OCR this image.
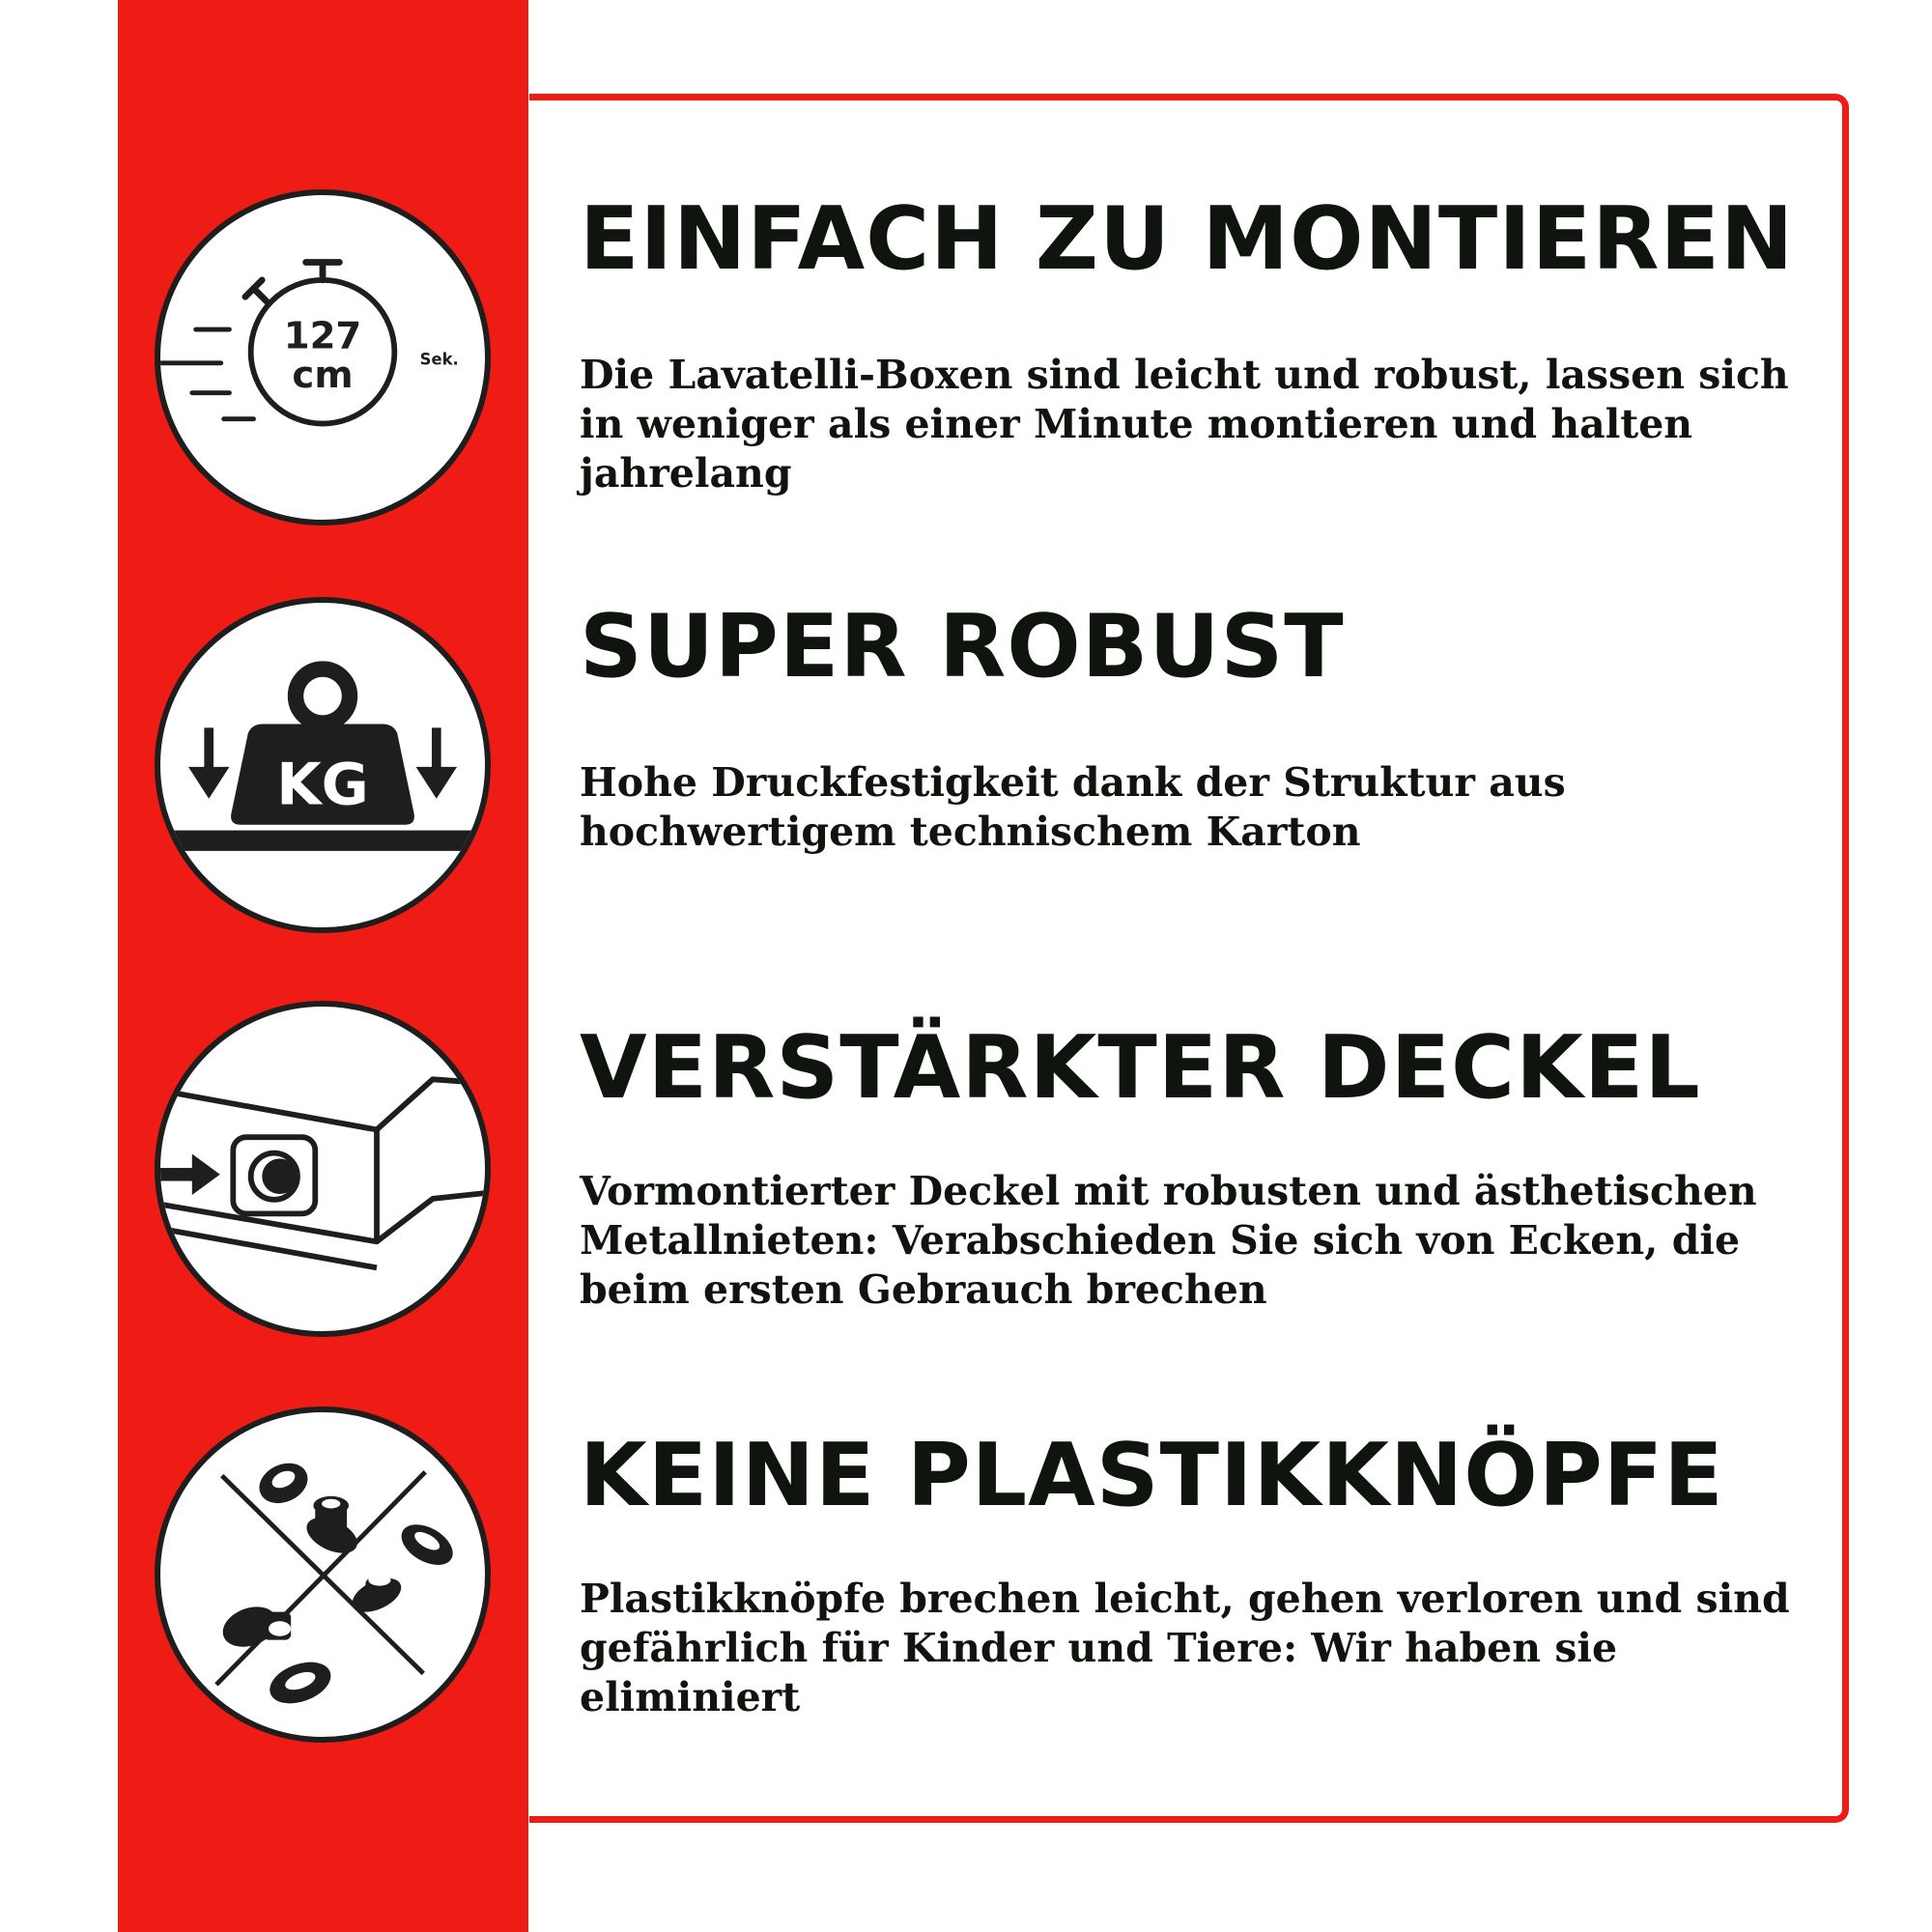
127
cm	Sek.
KG
EINFACH ZU MONTIEREN

Die Lavatelli-Boxen sind leicht und robust, lassen sich in weniger als einer Minute montieren und halten jahrelang

SUPER ROBUST

Hohe Druckfestigkeit dank der Struktur aus hochwertigem technischem Karton

VERSTÄRKTER DECKEL

Vormontierter Deckel mit robusten und ästhetischen Metallnieten: Verabschieden Sie sich von Ecken, die beim ersten Gebrauch brechen

KEINE PLASTIKKNÖPFE

Plastikknöpfe brechen leicht, gehen verloren und sind gefährlich für Kinder und Tiere: Wir haben sie eliminiert
